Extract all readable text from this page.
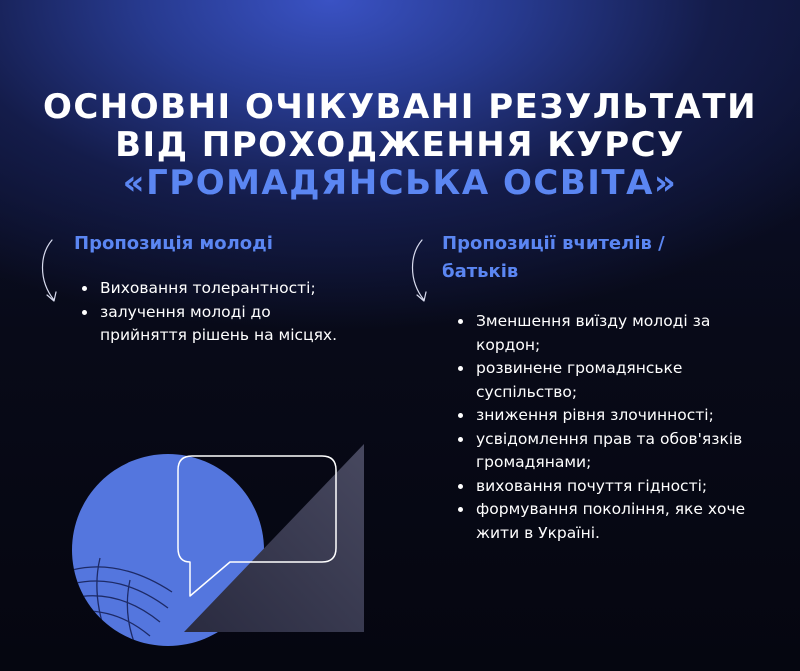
ОСНОВНІ ОЧІКУВАНІ РЕЗУЛЬТАТИ
ВІД ПРОХОДЖЕННЯ КУРСУ
«ГРОМАДЯНСЬКА ОСВІТА»
Пропозиція молоді
• Виховання толерантності;
• залучення молоді до прийняття рішень на місцях.
Пропозиції вчителів / батьків
• Зменшення виїзду молоді за кордон;
• розвинене громадянське суспільство;
• зниження рівня злочинності;
• усвідомлення прав та обов'язків громадянами;
• виховання почуття гідності;
• формування покоління, яке хоче жити в Україні.
